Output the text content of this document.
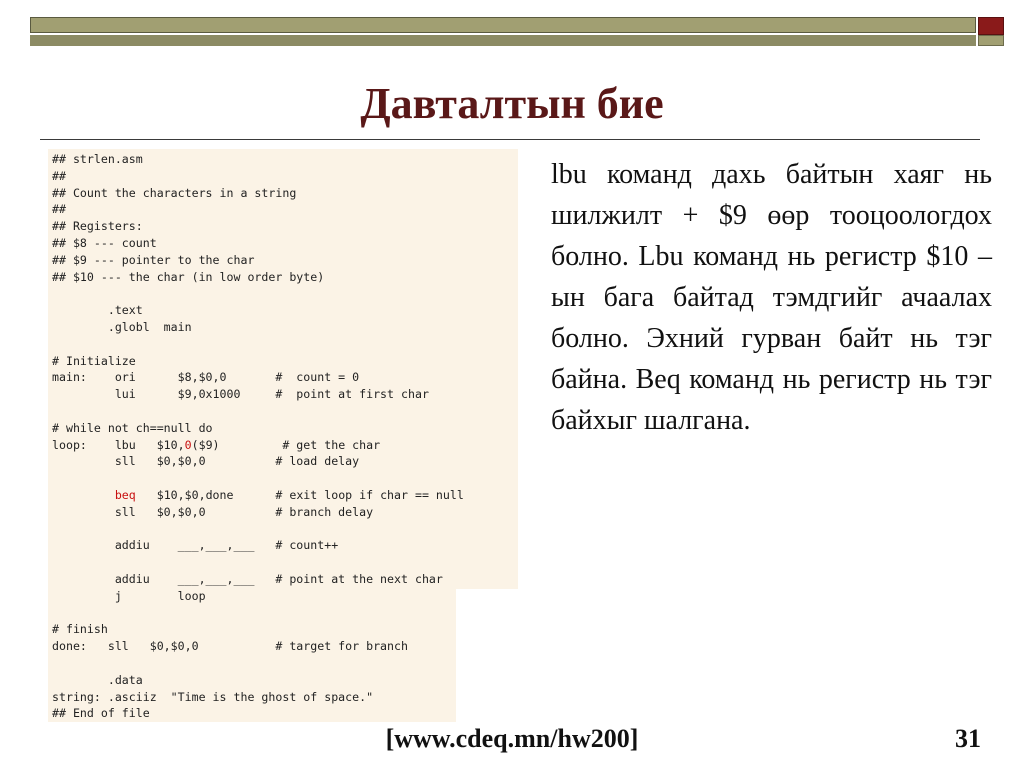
Давталтын бие
## strlen.asm
##
## Count the characters in a string
##
## Registers:
## $8 --- count
## $9 --- pointer to the char
## $10 --- the char (in low order byte)

.text
.globl  main

# Initialize
main:    ori      $8,$0,0       #  count = 0
lui      $9,0x1000     #  point at first char

# while not ch==null do
loop:    lbu   $10,0($9)         # get the char
sll   $0,$0,0          # load delay

beq   $10,$0,done      # exit loop if char == null
sll   $0,$0,0          # branch delay

addiu    ___,___,___   # count++

addiu    ___,___,___   # point at the next char
j        loop

# finish
done:   sll   $0,$0,0           # target for branch

.data
string: .asciiz  "Time is the ghost of space."
## End of file
lbu команд дахь байтын хаяг нь шилжилт + $9 өөр тооцоологдох болно. Lbu команд нь регистр $10 – ын бага байтад тэмдгийг ачаалах болно. Эхний гурван байт нь тэг байна. Beq команд нь регистр нь тэг байхыг шалгана.
[www.cdeq.mn/hw200]	31
